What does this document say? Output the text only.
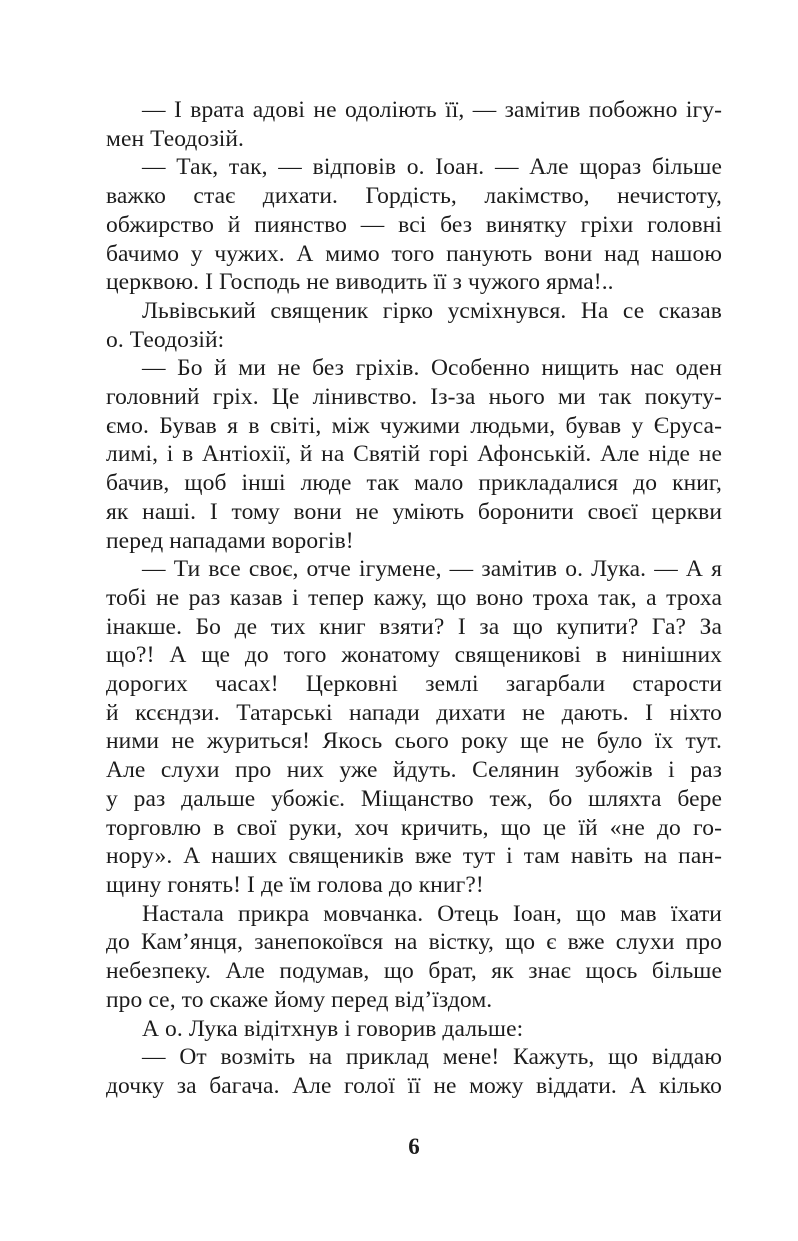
— І врата адові не одоліють її, — замітив побожно ігу-
мен Теодозій.
— Так, так, — відповів о. Іоан. — Але щораз більше
важко стає дихати. Гордість, лакімство, нечистоту,
обжирство й пиянство — всі без винятку гріхи головні
бачимо у чужих. А мимо того панують вони над нашою
церквою. І Господь не виводить її з чужого ярма!..
Львівський священик гірко усміхнувся. На се сказав
о. Теодозій:
— Бо й ми не без гріхів. Особенно нищить нас оден
головний гріх. Це лінивство. Із-за нього ми так покуту-
ємо. Бував я в світі, між чужими людьми, бував у Єруса-
лимі, і в Антіохії, й на Святій горі Афонській. Але ніде не
бачив, щоб інші люде так мало прикладалися до книг,
як наші. І тому вони не уміють боронити своєї церкви
перед нападами ворогів!
— Ти все своє, отче ігумене, — замітив о. Лука. — А я
тобі не раз казав і тепер кажу, що воно троха так, а троха
інакше. Бо де тих книг взяти? І за що купити? Га? За
що?! А ще до того жонатому священикові в нинішних
дорогих часах! Церковні землі загарбали старости
й ксєндзи. Татарські напади дихати не дають. І ніхто
ними не журиться! Якось сього року ще не було їх тут.
Але слухи про них уже йдуть. Селянин зубожів і раз
у раз дальше убожіє. Міщанство теж, бо шляхта бере
торговлю в свої руки, хоч кричить, що це їй «не до го-
нору». А наших священиків вже тут і там навіть на пан-
щину гонять! І де їм голова до книг?!
Настала прикра мовчанка. Отець Іоан, що мав їхати
до Кам’янця, занепокоївся на вістку, що є вже слухи про
небезпеку. Але подумав, що брат, як знає щось більше
про се, то скаже йому перед від’їздом.
А о. Лука відітхнув і говорив дальше:
— От возміть на приклад мене! Кажуть, що віддаю
дочку за багача. Але голої її не можу віддати. А кілько
6
